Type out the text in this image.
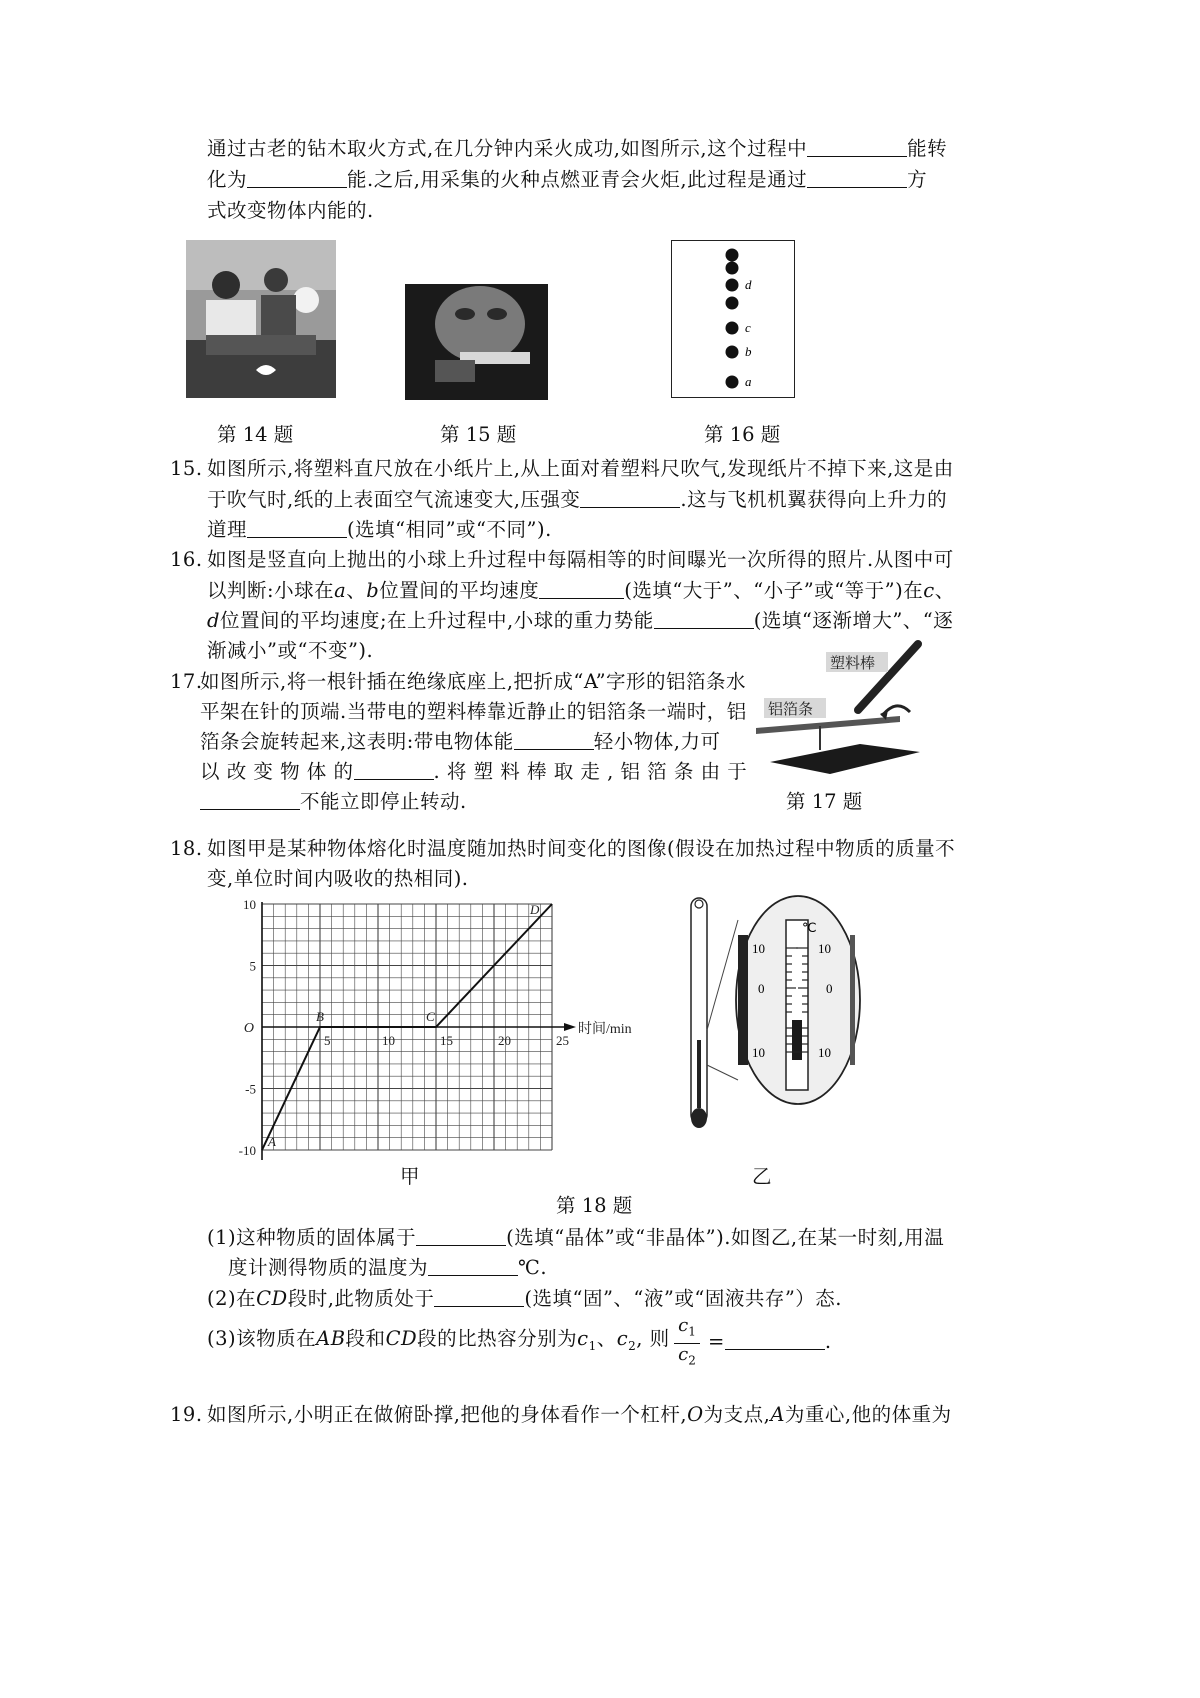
通过古老的钻木取火方式,在几分钟内采火成功,如图所示,这个过程中	能转
化为	能.之后,用采集的火种点燃亚青会火炬,此过程是通过	方
式改变物体内能的.
d
c
b
a
第 14 题	第 15 题	第 16 题
15. 如图所示,将塑料直尺放在小纸片上,从上面对着塑料尺吹气,发现纸片不掉下来,这是由
于吹气时,纸的上表面空气流速变大,压强变	.这与飞机机翼获得向上升力的
道理	(选填“相同”或“不同”).
16. 如图是竖直向上抛出的小球上升过程中每隔相等的时间曝光一次所得的照片.从图中可
以判断:小球在a、b位置间的平均速度	(选填“大于”、“小子”或“等于”)在c、
d位置间的平均速度;在上升过程中,小球的重力势能	(选填“逐渐增大”、“逐
渐减小”或“不变”).
17.
如图所示,将一根针插在绝缘底座上,把折成“A”字形的铝箔条水
平架在针的顶端.当带电的塑料棒靠近静止的铝箔条一端时，铝
箔条会旋转起来,这表明:带电物体能	轻小物体,力可
以 改 变 物 体 的	. 将 塑 料 棒 取 走 , 铝 箔 条 由 于
不能立即停止转动.
塑料棒
铝箔条
第 17 题
18. 如图甲是某种物体熔化时温度随加热时间变化的图像(假设在加热过程中物质的质量不
变,单位时间内吸收的热相同).
5	10	15	20	25
时间/min
10
5
-5
-10
O
A
B	C
D
℃
10
0
10
10
0
10
甲	乙
第 18 题
(1)这种物质的固体属于	(选填“晶体”或“非晶体”).如图乙,在某一时刻,用温
度计测得物质的温度为	℃.
(2)在CD段时,此物质处于	(选填“固”、“液”或“固液共存”）态.
(3)该物质在AB段和CD段的比热容分别为$c_1$、$c_2$, 则
$c_1$
$c_2$
=	.
19. 如图所示,小明正在做俯卧撑,把他的身体看作一个杠杆,O为支点,A为重心,他的体重为
